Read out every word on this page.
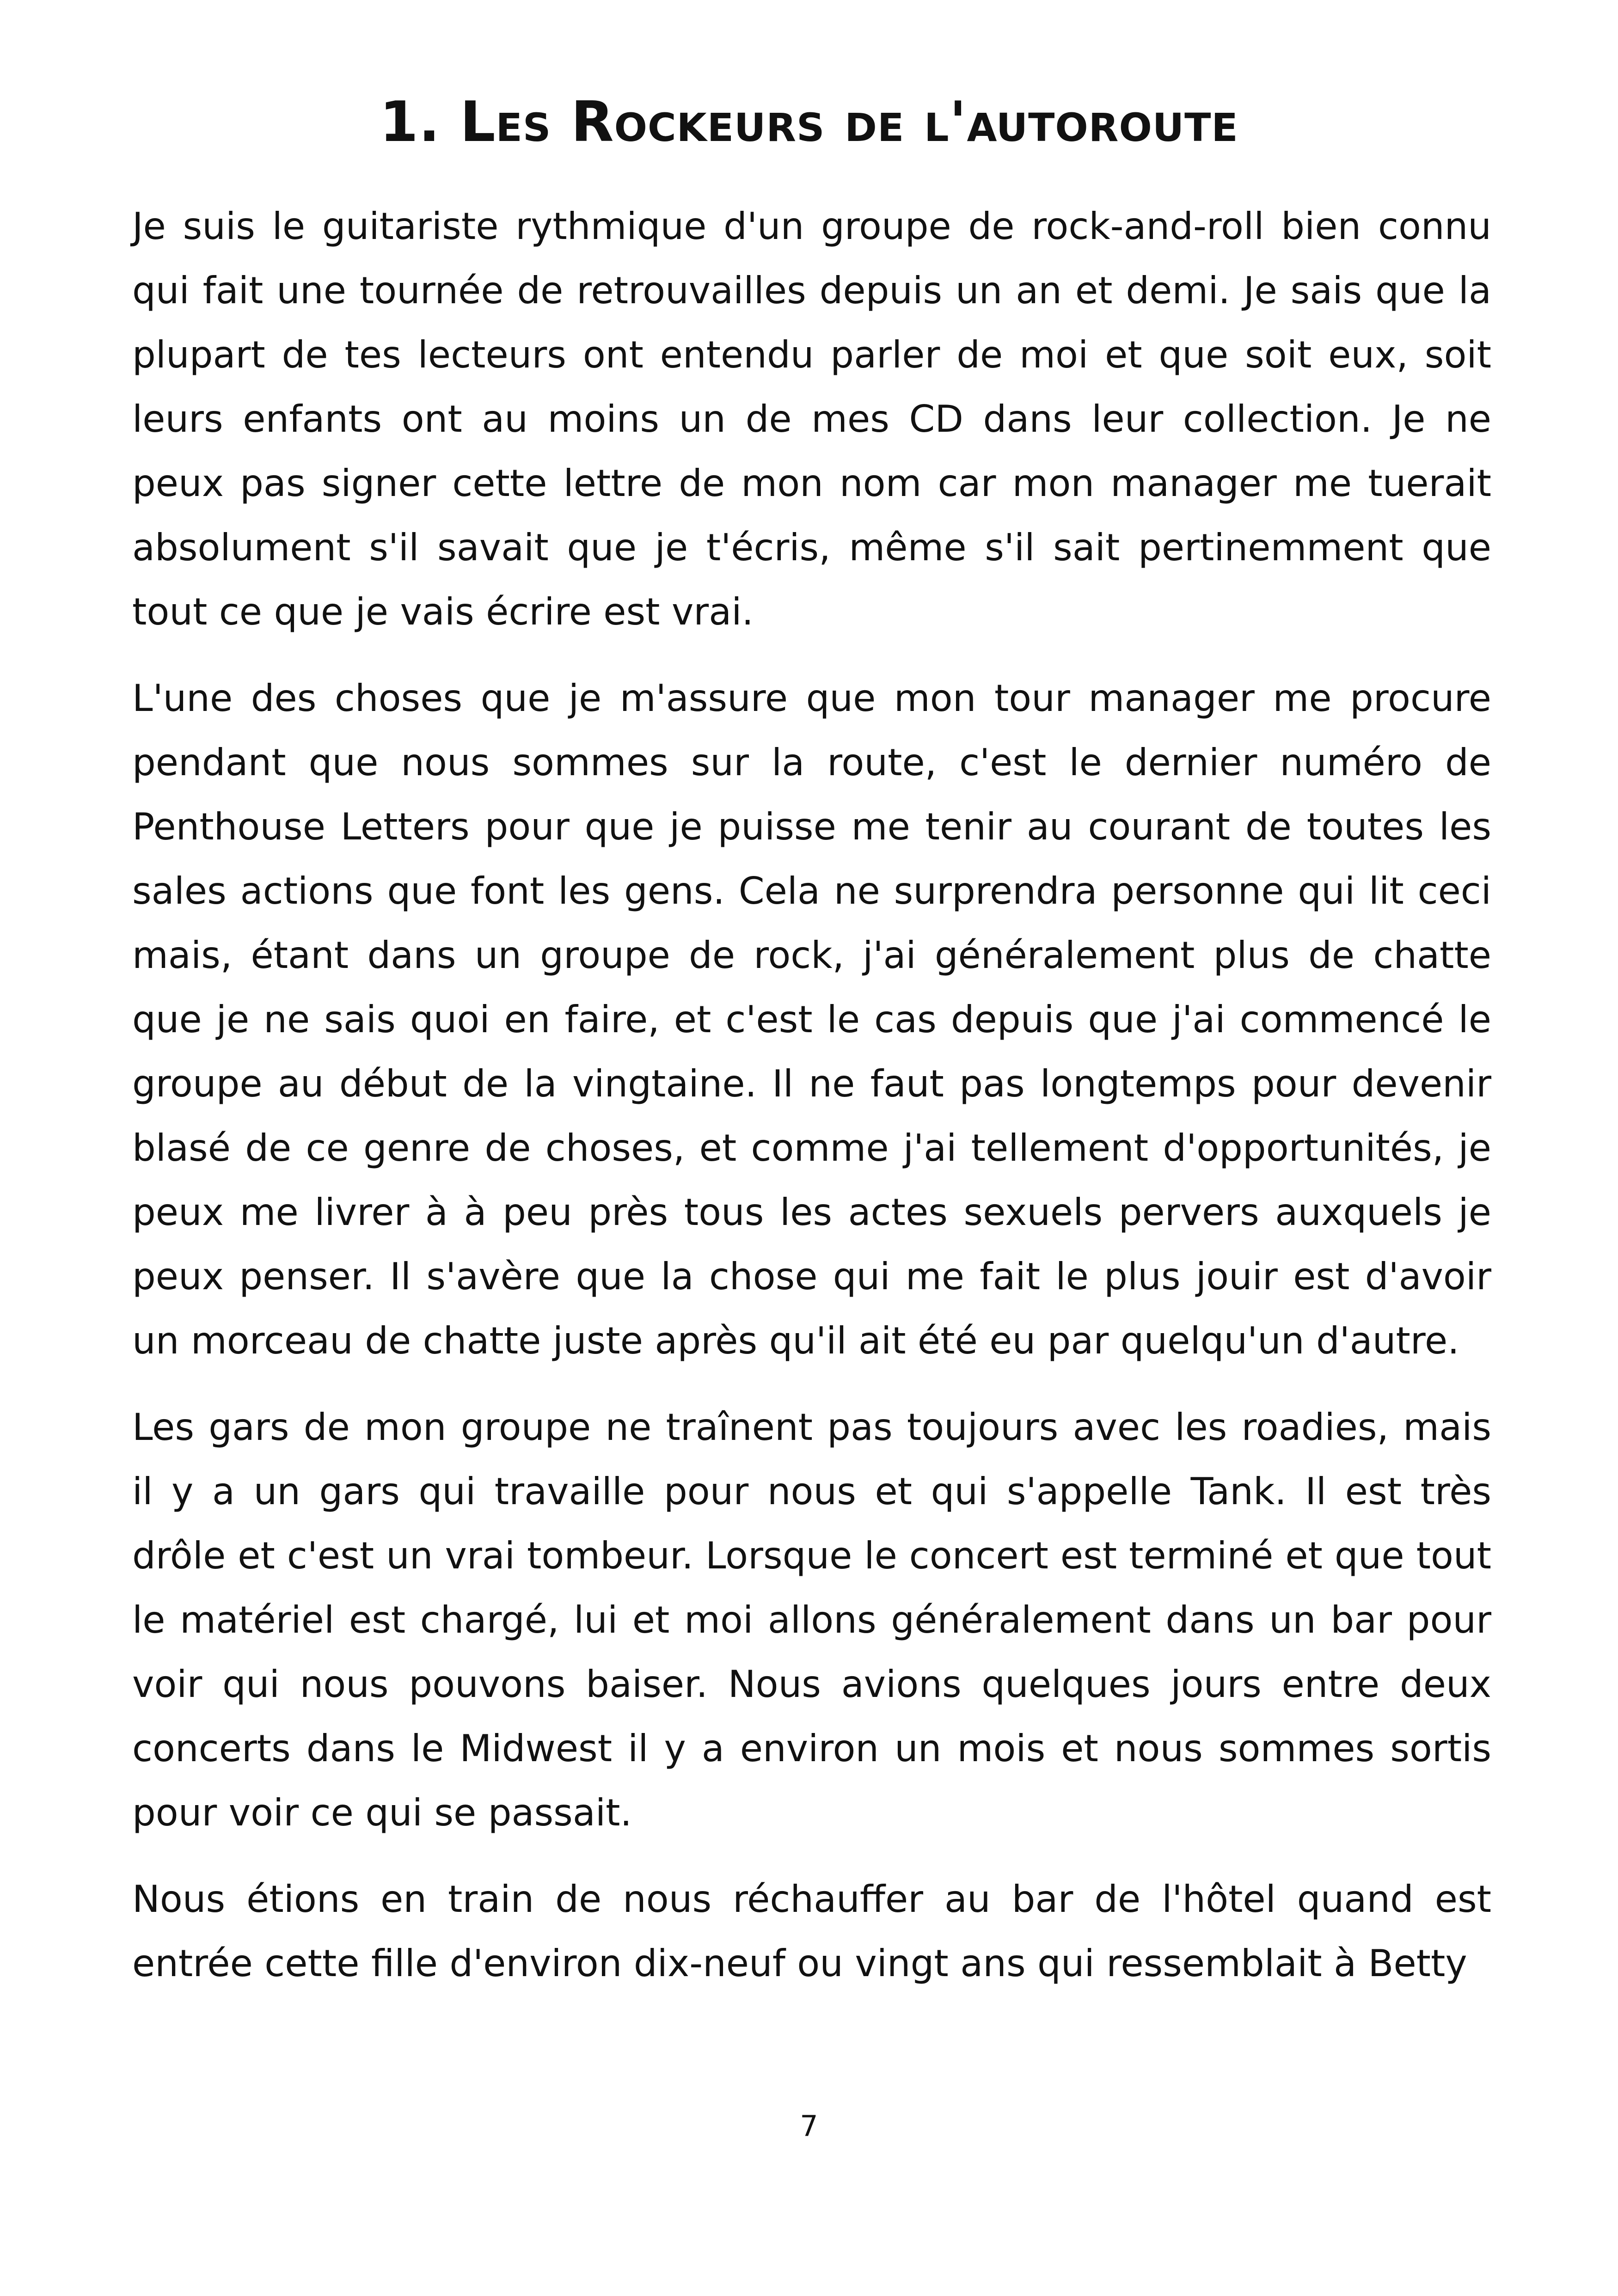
1. Les Rockeurs de l'autoroute

Je suis le guitariste rythmique d'un groupe de rock-and-roll bien connu qui fait une tournée de retrouvailles depuis un an et demi. Je sais que la plupart de tes lecteurs ont entendu parler de moi et que soit eux, soit leurs enfants ont au moins un de mes CD dans leur collection. Je ne peux pas signer cette lettre de mon nom car mon manager me tuerait absolument s'il savait que je t'écris, même s'il sait pertinemment que tout ce que je vais écrire est vrai.

L'une des choses que je m'assure que mon tour manager me procure pendant que nous sommes sur la route, c'est le dernier numéro de Penthouse Letters pour que je puisse me tenir au courant de toutes les sales actions que font les gens. Cela ne surprendra personne qui lit ceci mais, étant dans un groupe de rock, j'ai généralement plus de chatte que je ne sais quoi en faire, et c'est le cas depuis que j'ai commencé le groupe au début de la vingtaine. Il ne faut pas longtemps pour devenir blasé de ce genre de choses, et comme j'ai tellement d'opportunités, je peux me livrer à à peu près tous les actes sexuels pervers auxquels je peux penser. Il s'avère que la chose qui me fait le plus jouir est d'avoir un morceau de chatte juste après qu'il ait été eu par quelqu'un d'autre.

Les gars de mon groupe ne traînent pas toujours avec les roadies, mais il y a un gars qui travaille pour nous et qui s'appelle Tank. Il est très drôle et c'est un vrai tombeur. Lorsque le concert est terminé et que tout le matériel est chargé, lui et moi allons généralement dans un bar pour voir qui nous pouvons baiser. Nous avions quelques jours entre deux concerts dans le Midwest il y a environ un mois et nous sommes sortis pour voir ce qui se passait.

Nous étions en train de nous réchauffer au bar de l'hôtel quand est entrée cette fille d'environ dix-neuf ou vingt ans qui ressemblait à Betty

7
